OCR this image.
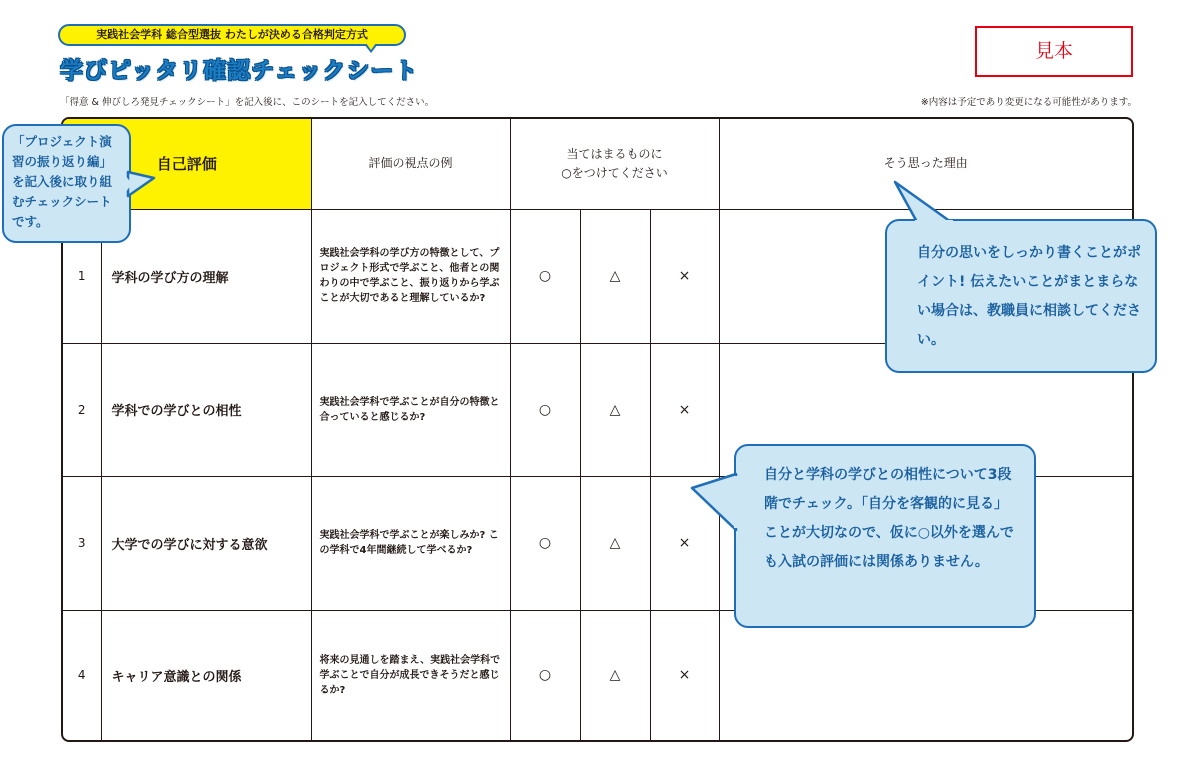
実践社会学科 総合型選抜 わたしが決める合格判定方式
学びピッタリ確認チェックシート
「得意 & 伸びしろ発見チェックシート」を記入後に、このシートを記入してください。	※内容は予定であり変更になる可能性があります。
見本
自己評価		評価の視点の例	当てはまるものに
○をつけてください			そう思った理由
1	学科の学び方の理解	実践社会学科の学び方の特徴として、プロジェクト形式で学ぶこと、他者との関わりの中で学ぶこと、振り返りから学ぶことが大切であると理解しているか?	○	△	×	
2	学科での学びとの相性	実践社会学科で学ぶことが自分の特徴と合っていると感じるか?	○	△	×	
3	大学での学びに対する意欲	実践社会学科で学ぶことが楽しみか? この学科で4年間継続して学べるか?	○	△	×	
4	キャリア意識との関係	将来の見通しを踏まえ、実践社会学科で学ぶことで自分が成長できそうだと感じるか?	○	△	×	
「プロジェクト演習の振り返り編」を記入後に取り組むチェックシートです。
自分の思いをしっかり書くことがポイント! 伝えたいことがまとまらない場合は、教職員に相談してください。
自分と学科の学びとの相性について3段階でチェック。「自分を客観的に見る」ことが大切なので、仮に○以外を選んでも入試の評価には関係ありません。
